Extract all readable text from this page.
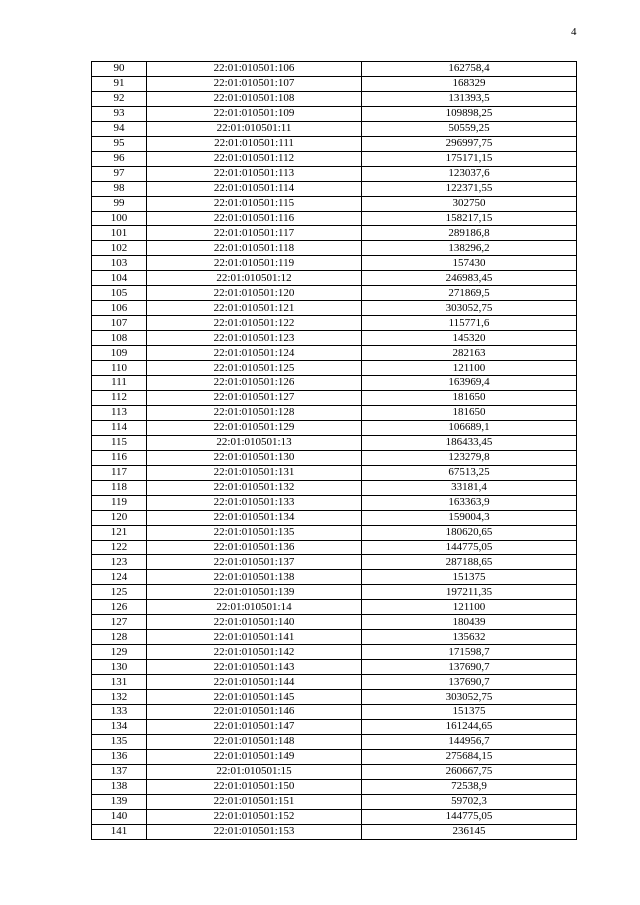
4
90	22:01:010501:106	162758,4
91	22:01:010501:107	168329
92	22:01:010501:108	131393,5
93	22:01:010501:109	109898,25
94	22:01:010501:11	50559,25
95	22:01:010501:111	296997,75
96	22:01:010501:112	175171,15
97	22:01:010501:113	123037,6
98	22:01:010501:114	122371,55
99	22:01:010501:115	302750
100	22:01:010501:116	158217,15
101	22:01:010501:117	289186,8
102	22:01:010501:118	138296,2
103	22:01:010501:119	157430
104	22:01:010501:12	246983,45
105	22:01:010501:120	271869,5
106	22:01:010501:121	303052,75
107	22:01:010501:122	115771,6
108	22:01:010501:123	145320
109	22:01:010501:124	282163
110	22:01:010501:125	121100
111	22:01:010501:126	163969,4
112	22:01:010501:127	181650
113	22:01:010501:128	181650
114	22:01:010501:129	106689,1
115	22:01:010501:13	186433,45
116	22:01:010501:130	123279,8
117	22:01:010501:131	67513,25
118	22:01:010501:132	33181,4
119	22:01:010501:133	163363,9
120	22:01:010501:134	159004,3
121	22:01:010501:135	180620,65
122	22:01:010501:136	144775,05
123	22:01:010501:137	287188,65
124	22:01:010501:138	151375
125	22:01:010501:139	197211,35
126	22:01:010501:14	121100
127	22:01:010501:140	180439
128	22:01:010501:141	135632
129	22:01:010501:142	171598,7
130	22:01:010501:143	137690,7
131	22:01:010501:144	137690,7
132	22:01:010501:145	303052,75
133	22:01:010501:146	151375
134	22:01:010501:147	161244,65
135	22:01:010501:148	144956,7
136	22:01:010501:149	275684,15
137	22:01:010501:15	260667,75
138	22:01:010501:150	72538,9
139	22:01:010501:151	59702,3
140	22:01:010501:152	144775,05
141	22:01:010501:153	236145
